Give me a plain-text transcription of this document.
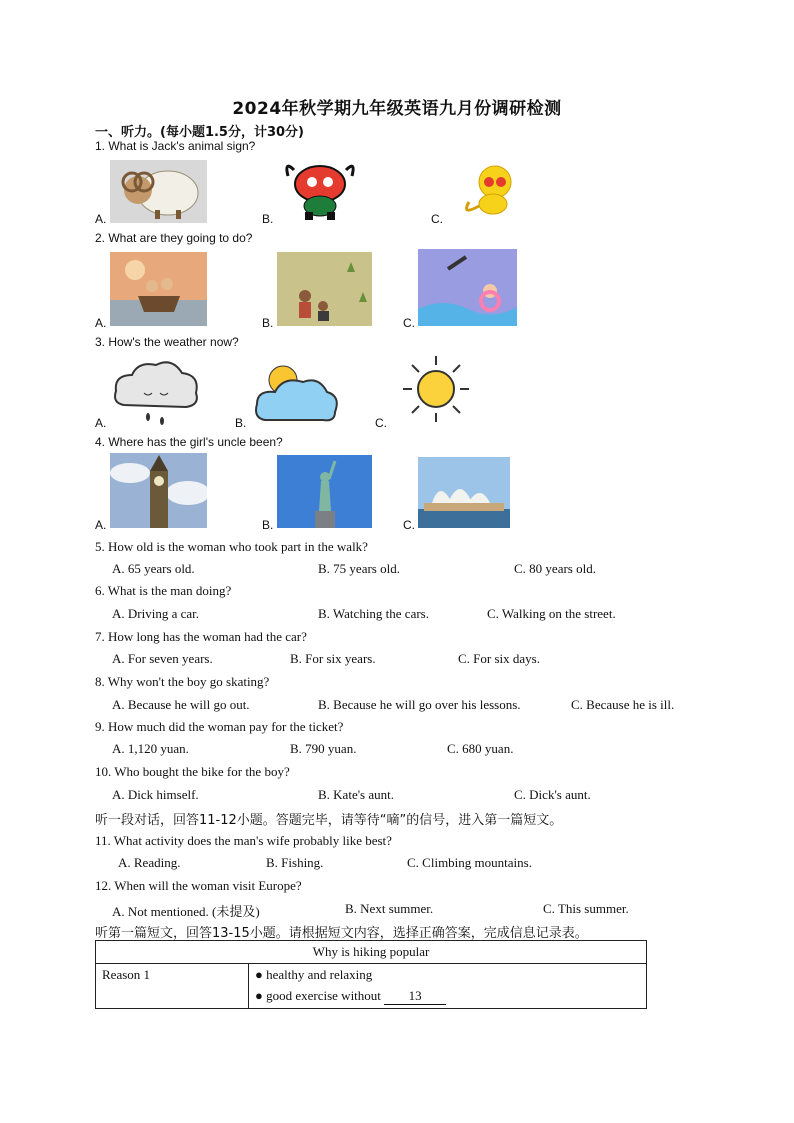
2024年秋学期九年级英语九月份调研检测
一、听力。(每小题1.5分，计30分)
1. What is Jack's animal sign?
A.	B.	C.
2. What are they going to do?
A.	B.	C.
3. How's the weather now?
A.	B.	C.
4. Where has the girl's uncle been?
A.	B.	C.
5. How old is the woman who took part in the walk?
A. 65 years old.	B. 75 years old.	C. 80 years old.
6. What is the man doing?
A. Driving a car.	B. Watching the cars.	C. Walking on the street.
7. How long has the woman had the car?
A. For seven years.	B. For six years.	C. For six days.
8. Why won't the boy go skating?
A. Because he will go out.	B. Because he will go over his lessons.	C. Because he is ill.
9. How much did the woman pay for the ticket?
A. 1,120 yuan.	B. 790 yuan.	C. 680 yuan.
10. Who bought the bike for the boy?
A. Dick himself.	B. Kate's aunt.	C. Dick's aunt.
听一段对话，回答11-12小题。答题完毕，请等待“嘀”的信号，进入第一篇短文。
11. What activity does the man's wife probably like best?
A. Reading.	B. Fishing.	C. Climbing mountains.
12. When will the woman visit Europe?
A. Not mentioned. (未提及)	B. Next summer.	C. This summer.
听第一篇短文，回答13-15小题。请根据短文内容，选择正确答案，完成信息记录表。
Why is hiking popular
Reason 1	● healthy and relaxing
● good exercise without 13
